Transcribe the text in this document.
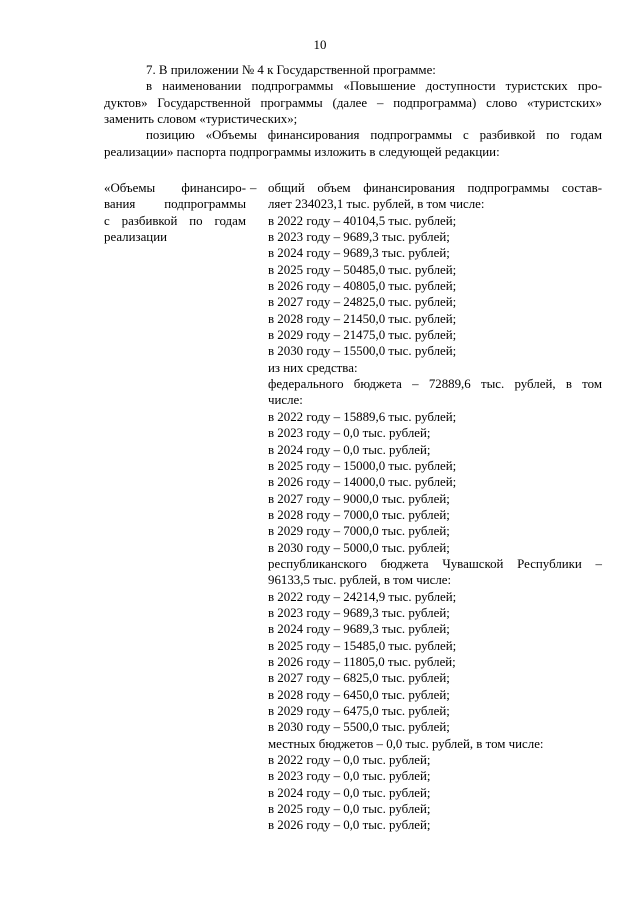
10

7. В приложении № 4 к Государственной программе:

в наименовании подпрограммы «Повышение доступности туристских про-

дуктов» Государственной программы (далее – подпрограмма) слово «туристских»

заменить словом «туристических»;

позицию «Объемы финансирования подпрограммы с разбивкой по годам

реализации» паспорта подпрограммы изложить в следующей редакции:

«Объемы финансиро-
вания подпрограммы
с разбивкой по годам
реализации
– общий объем финансирования подпрограммы состав-
ляет 234023,1 тыс. рублей, в том числе:
в 2022 году – 40104,5 тыс. рублей;
в 2023 году – 9689,3 тыс. рублей;
в 2024 году – 9689,3 тыс. рублей;
в 2025 году – 50485,0 тыс. рублей;
в 2026 году – 40805,0 тыс. рублей;
в 2027 году – 24825,0 тыс. рублей;
в 2028 году – 21450,0 тыс. рублей;
в 2029 году – 21475,0 тыс. рублей;
в 2030 году – 15500,0 тыс. рублей;
из них средства:
федерального бюджета – 72889,6 тыс. рублей, в том
числе:
в 2022 году – 15889,6 тыс. рублей;
в 2023 году – 0,0 тыс. рублей;
в 2024 году – 0,0 тыс. рублей;
в 2025 году – 15000,0 тыс. рублей;
в 2026 году – 14000,0 тыс. рублей;
в 2027 году – 9000,0 тыс. рублей;
в 2028 году – 7000,0 тыс. рублей;
в 2029 году – 7000,0 тыс. рублей;
в 2030 году – 5000,0 тыс. рублей;
республиканского бюджета Чувашской Республики –
96133,5 тыс. рублей, в том числе:
в 2022 году – 24214,9 тыс. рублей;
в 2023 году – 9689,3 тыс. рублей;
в 2024 году – 9689,3 тыс. рублей;
в 2025 году – 15485,0 тыс. рублей;
в 2026 году – 11805,0 тыс. рублей;
в 2027 году – 6825,0 тыс. рублей;
в 2028 году – 6450,0 тыс. рублей;
в 2029 году – 6475,0 тыс. рублей;
в 2030 году – 5500,0 тыс. рублей;
местных бюджетов – 0,0 тыс. рублей, в том числе:
в 2022 году – 0,0 тыс. рублей;
в 2023 году – 0,0 тыс. рублей;
в 2024 году – 0,0 тыс. рублей;
в 2025 году – 0,0 тыс. рублей;
в 2026 году – 0,0 тыс. рублей;
